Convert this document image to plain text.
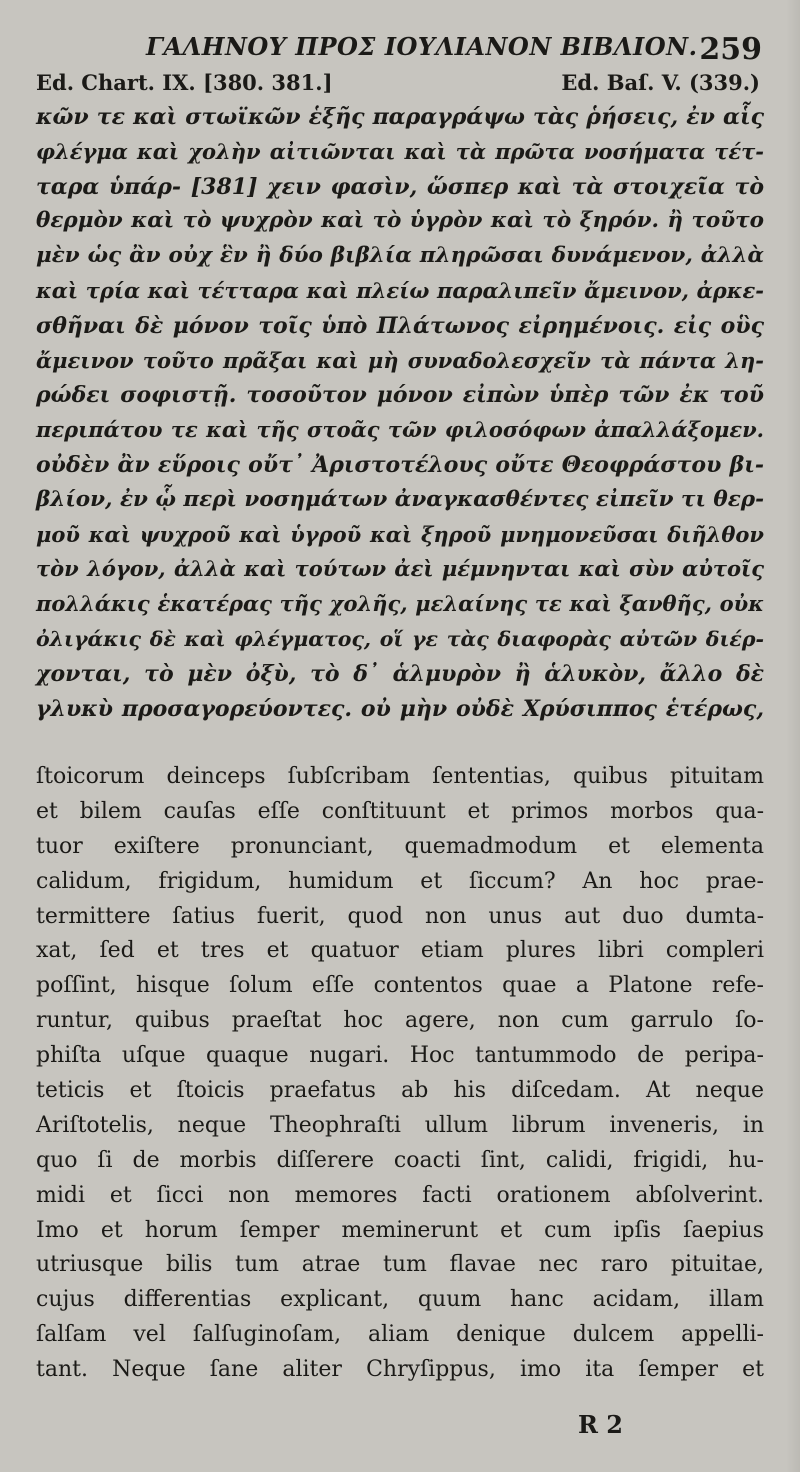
ΓΑΛΗΝΟΥ ΠΡΟΣ ΙΟΥΛΙΑΝΟΝ ΒΙΒΛΙΟΝ. 259
Ed. Chart. IX. [380. 381.]	Ed. Baſ. V. (339.)
κῶν τε καὶ στωϊκῶν ἑξῆς παραγράψω τὰς ῥήσεις, ἐν αἷς
φλέγμα καὶ χολὴν αἰτιῶνται καὶ τὰ πρῶτα νοσήματα τέτ-
ταρα ὑπάρ- [381] χειν φασὶν, ὥσπερ καὶ τὰ στοιχεῖα τὸ
θερμὸν καὶ τὸ ψυχρὸν καὶ τὸ ὑγρὸν καὶ τὸ ξηρόν. ἢ τοῦτο
μὲν ὡς ἂν οὐχ ἓν ἢ δύο βιβλία πληρῶσαι δυνάμενον, ἀλλὰ
καὶ τρία καὶ τέτταρα καὶ πλείω παραλιπεῖν ἄμεινον, ἀρκε-
σθῆναι δὲ μόνον τοῖς ὑπὸ Πλάτωνος εἰρημένοις. εἰς οὓς
ἄμεινον τοῦτο πρᾶξαι καὶ μὴ συναδολεσχεῖν τὰ πάντα λη-
ρώδει σοφιστῇ. τοσοῦτον μόνον εἰπὼν ὑπὲρ τῶν ἐκ τοῦ
περιπάτου τε καὶ τῆς στοᾶς τῶν φιλοσόφων ἀπαλλάξομεν.
οὐδὲν ἂν εὕροις οὔτ᾽ Ἀριστοτέλους οὔτε Θεοφράστου βι-
βλίον, ἐν ᾧ περὶ νοσημάτων ἀναγκασθέντες εἰπεῖν τι θερ-
μοῦ καὶ ψυχροῦ καὶ ὑγροῦ καὶ ξηροῦ μνημονεῦσαι διῆλθον
τὸν λόγον, ἀλλὰ καὶ τούτων ἀεὶ μέμνηνται καὶ σὺν αὐτοῖς
πολλάκις ἑκατέρας τῆς χολῆς, μελαίνης τε καὶ ξανθῆς, οὐκ
ὀλιγάκις δὲ καὶ φλέγματος, οἵ γε τὰς διαφορὰς αὐτῶν διέρ-
χονται, τὸ μὲν ὀξὺ, τὸ δ᾽ ἁλμυρὸν ἢ ἁλυκὸν, ἄλλο δὲ
γλυκὺ προσαγορεύοντες. οὐ μὴν οὐδὲ Χρύσιππος ἑτέρως,
ſtoicorum deinceps ſubſcribam ſententias, quibus pituitam
et bilem cauſas eſſe conſtituunt et primos morbos qua-
tuor exiſtere pronunciant, quemadmodum et elementa
calidum, frigidum, humidum et ſiccum? An hoc prae-
termittere ſatius fuerit, quod non unus aut duo dumta-
xat, ſed et tres et quatuor etiam plures libri compleri
poſſint, hisque ſolum eſſe contentos quae a Platone refe-
runtur, quibus praeſtat hoc agere, non cum garrulo ſo-
phiſta uſque quaque nugari. Hoc tantummodo de peripa-
teticis et ſtoicis praefatus ab his diſcedam. At neque
Ariſtotelis, neque Theophraſti ullum librum inveneris, in
quo ſi de morbis diſſerere coacti ſint, calidi, frigidi, hu-
midi et ſicci non memores facti orationem abſolverint.
Imo et horum ſemper meminerunt et cum ipſis ſaepius
utriusque bilis tum atrae tum flavae nec raro pituitae,
cujus differentias explicant, quum hanc acidam, illam
ſalſam vel ſalſuginoſam, aliam denique dulcem appelli-
tant. Neque ſane aliter Chryſippus, imo ita ſemper et
R 2
